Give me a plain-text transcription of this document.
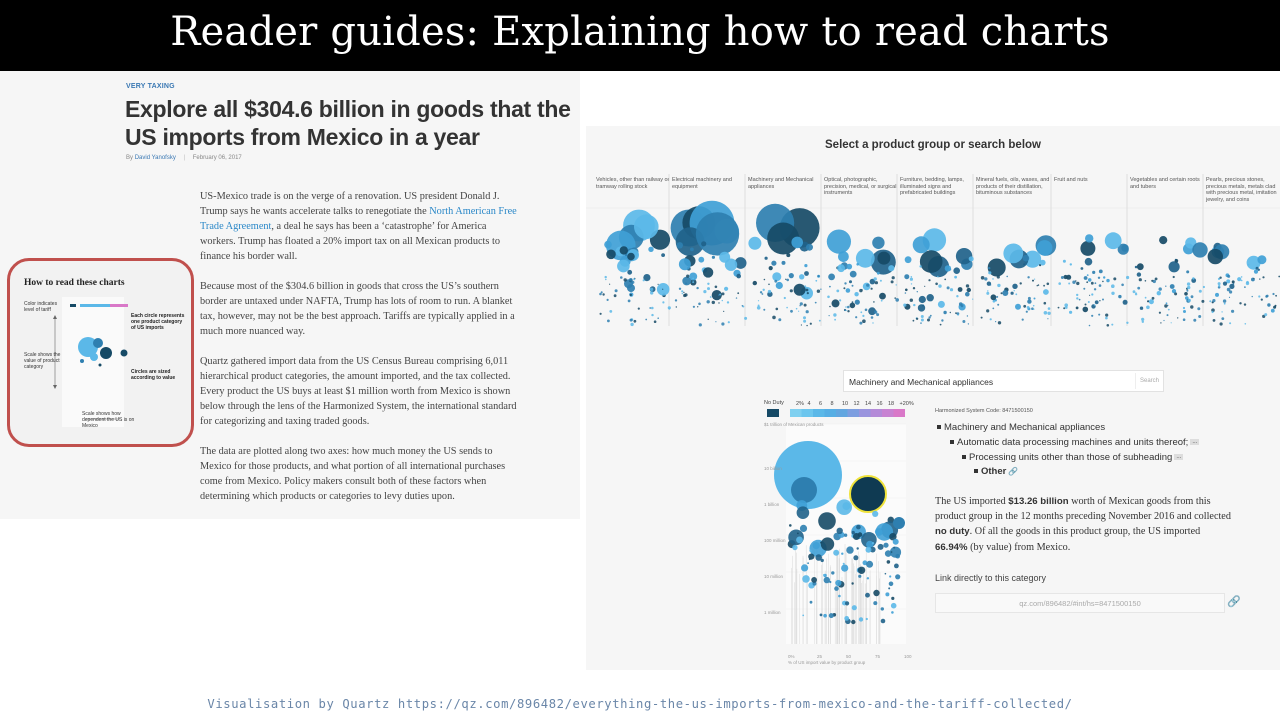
Reader guides: Explaining how to read charts
VERY TAXING
Explore all $304.6 billion in goods that the US imports from Mexico in a year
By David Yanofsky | February 06, 2017

US-Mexico trade is on the verge of a renovation. US president Donald J. Trump says he wants accelerate talks to renegotiate the North American Free Trade Agreement, a deal he says has been a ‘catastrophe’ for America workers. Trump has floated a 20% import tax on all Mexican products to finance his border wall.

Because most of the $304.6 billion in goods that cross the US’s southern border are untaxed under NAFTA, Trump has lots of room to run. A blanket tax, however, may not be the best approach. Tariffs are typically applied in a much more nuanced way.

Quartz gathered import data from the US Census Bureau comprising 6,011 hierarchical product categories, the amount imported, and the tax collected. Every product the US buys at least $1 million worth from Mexico is shown below through the lens of the Harmonized System, the international standard for categorizing and taxing traded goods.

The data are plotted along two axes: how much money the US sends to Mexico for those products, and what portion of all international purchases come from Mexico. Policy makers consult both of these factors when determining which products or categories to levy duties upon.

How to read these charts
Color indicates level of tariff
Scale shows the value of product category
Each circle represents one product category of US imports
Circles are sized according to value
Scale shows how dependent the US is on Mexico
Select a product group or search below
Vehicles, other than railway or tramway rolling stock
Electrical machinery and equipment
Machinery and Mechanical appliances
Optical, photographic, precision, medical, or surgical instruments
Furniture, bedding, lamps, illuminated signs and prefabricated buildings
Mineral fuels, oils, waxes, and products of their distillation, bituminous substances
Fruit and nuts	Vegetables and certain roots and tubers
Pearls, precious stones, precious metals, metals clad with precious metal, imitation jewelry, and coins
Machinery and Mechanical appliances	Search
No Duty 2% 4 6 8 10 12 14 16 18 +20%
$1 trillion of Mexican products
10 billion
1 billion
100 million
10 million
1 million
0%	25	50	75	100
% of US import value by product group
Harmonized System Code: 8471500150
Machinery and Mechanical appliances
Automatic data processing machines and units thereof; ...
Processing units other than those of subheading ...
Other 🔗
The US imported $13.26 billion worth of Mexican goods from this product group in the 12 months preceding November 2016 and collected no duty. Of all the goods in this product group, the US imported 66.94% (by value) from Mexico.
Link directly to this category
qz.com/896482/#int/hs=8471500150	🔗
Visualisation by Quartz https://qz.com/896482/everything-the-us-imports-from-mexico-and-the-tariff-collected/
